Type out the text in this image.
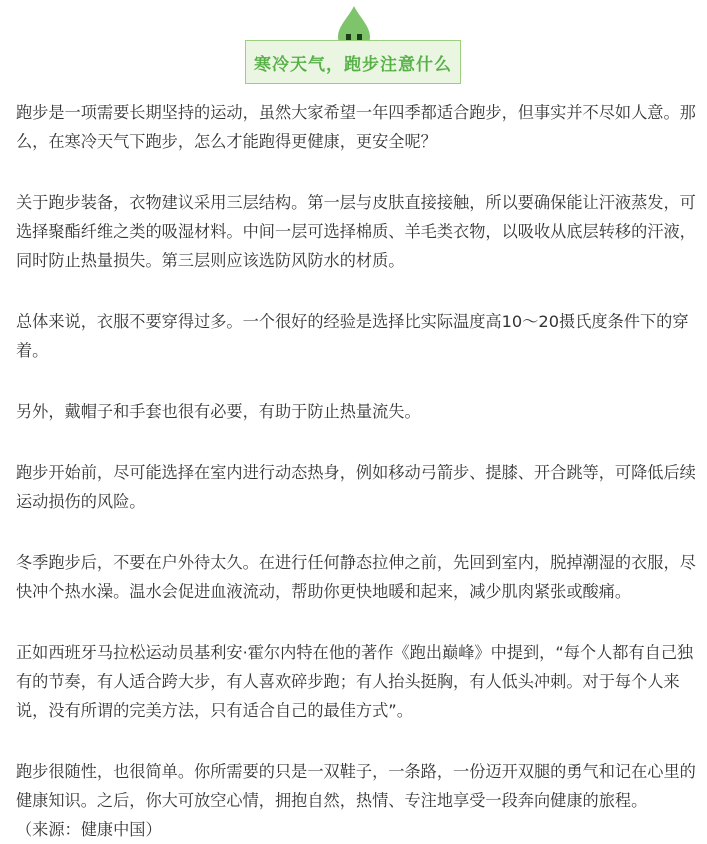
寒冷天气，跑步注意什么

跑步是一项需要长期坚持的运动，虽然大家希望一年四季都适合跑步，但事实并不尽如人意。那么，在寒冷天气下跑步，怎么才能跑得更健康，更安全呢？

关于跑步装备，衣物建议采用三层结构。第一层与皮肤直接接触，所以要确保能让汗液蒸发，可选择聚酯纤维之类的吸湿材料。中间一层可选择棉质、羊毛类衣物，以吸收从底层转移的汗液，同时防止热量损失。第三层则应该选防风防水的材质。

总体来说，衣服不要穿得过多。一个很好的经验是选择比实际温度高10～20摄氏度条件下的穿着。

另外，戴帽子和手套也很有必要，有助于防止热量流失。

跑步开始前，尽可能选择在室内进行动态热身，例如移动弓箭步、提膝、开合跳等，可降低后续运动损伤的风险。

冬季跑步后，不要在户外待太久。在进行任何静态拉伸之前，先回到室内，脱掉潮湿的衣服，尽快冲个热水澡。温水会促进血液流动，帮助你更快地暖和起来，减少肌肉紧张或酸痛。

正如西班牙马拉松运动员基利安·霍尔内特在他的著作《跑出巅峰》中提到，“每个人都有自己独有的节奏，有人适合跨大步，有人喜欢碎步跑；有人抬头挺胸，有人低头冲刺。对于每个人来说，没有所谓的完美方法，只有适合自己的最佳方式”。

跑步很随性，也很简单。你所需要的只是一双鞋子，一条路，一份迈开双腿的勇气和记在心里的健康知识。之后，你大可放空心情，拥抱自然，热情、专注地享受一段奔向健康的旅程。

（来源：健康中国）
